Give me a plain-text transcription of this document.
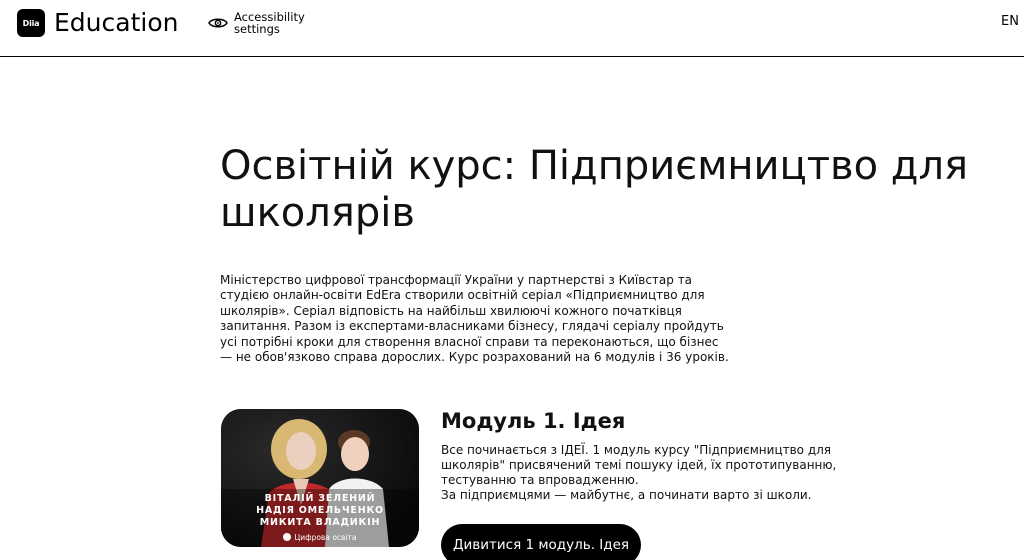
Diia Education	Accessibility settings	EN
Освітній курс: Підприємництво для
школярів

Міністерство цифрової трансформації України у партнерстві з Київстар та студією онлайн-освіти EdEra створили освітній серіал «Підприємництво для школярів». Серіал відповість на найбільш хвилюючі кожного початківця запитання. Разом із експертами-власниками бізнесу, глядачі серіалу пройдуть усі потрібні кроки для створення власної справи та переконаються, що бізнес — не обов'язково справа дорослих. Курс розрахований на 6 модулів і 36 уроків.

ВІТАЛІЙ ЗЕЛЕНИЙ
НАДІЯ ОМЕЛЬЧЕНКО
МИКИТА ВЛАДИКІН
Цифрова освіта
Модуль 1. Ідея

Все починається з ІДЕЇ. 1 модуль курсу "Підприємництво для школярів" присвячений темі пошуку ідей, їх прототипуванню, тестуванню та впровадженню.

За підприємцями — майбутнє, а починати варто зі школи.

Дивитися 1 модуль. Ідея
